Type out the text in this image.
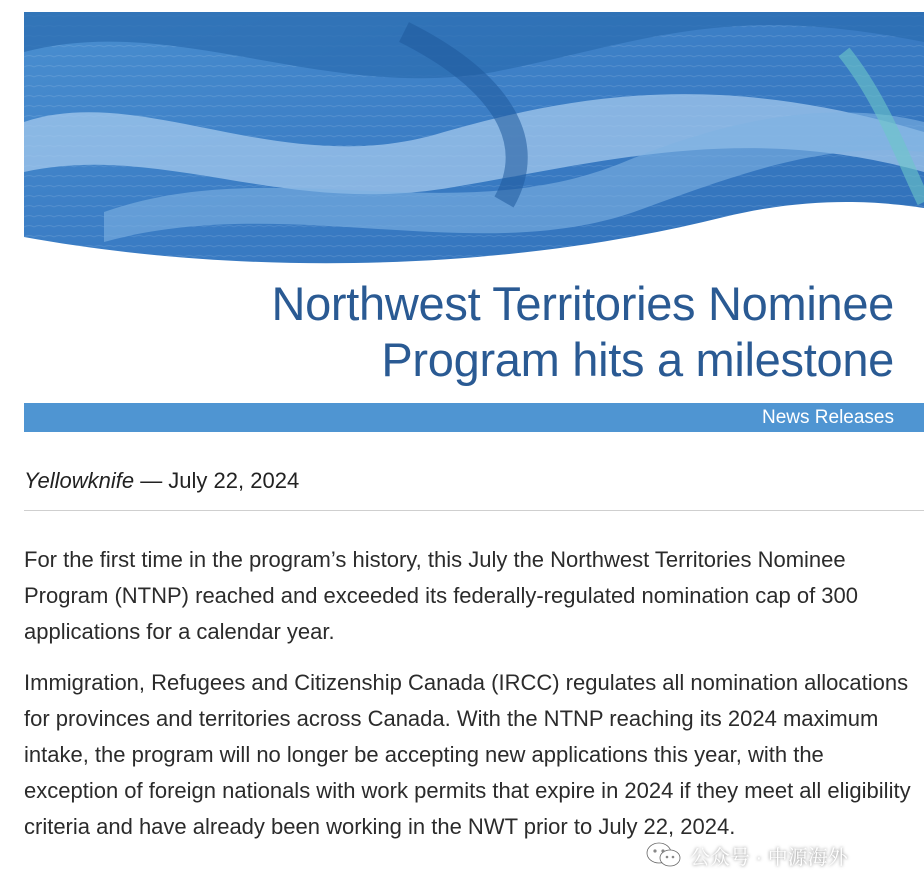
Northwest Territories Nominee
Program hits a milestone
News Releases
Yellowknife — July 22, 2024

For the first time in the program’s history, this July the Northwest Territories Nominee Program (NTNP) reached and exceeded its federally-regulated nomination cap of 300 applications for a calendar year.

Immigration, Refugees and Citizenship Canada (IRCC) regulates all nomination allocations for provinces and territories across Canada. With the NTNP reaching its 2024 maximum intake, the program will no longer be accepting new applications this year, with the exception of foreign nationals with work permits that expire in 2024 if they meet all eligibility criteria and have already been working in the NWT prior to July 22, 2024.

公众号 · 中源海外
